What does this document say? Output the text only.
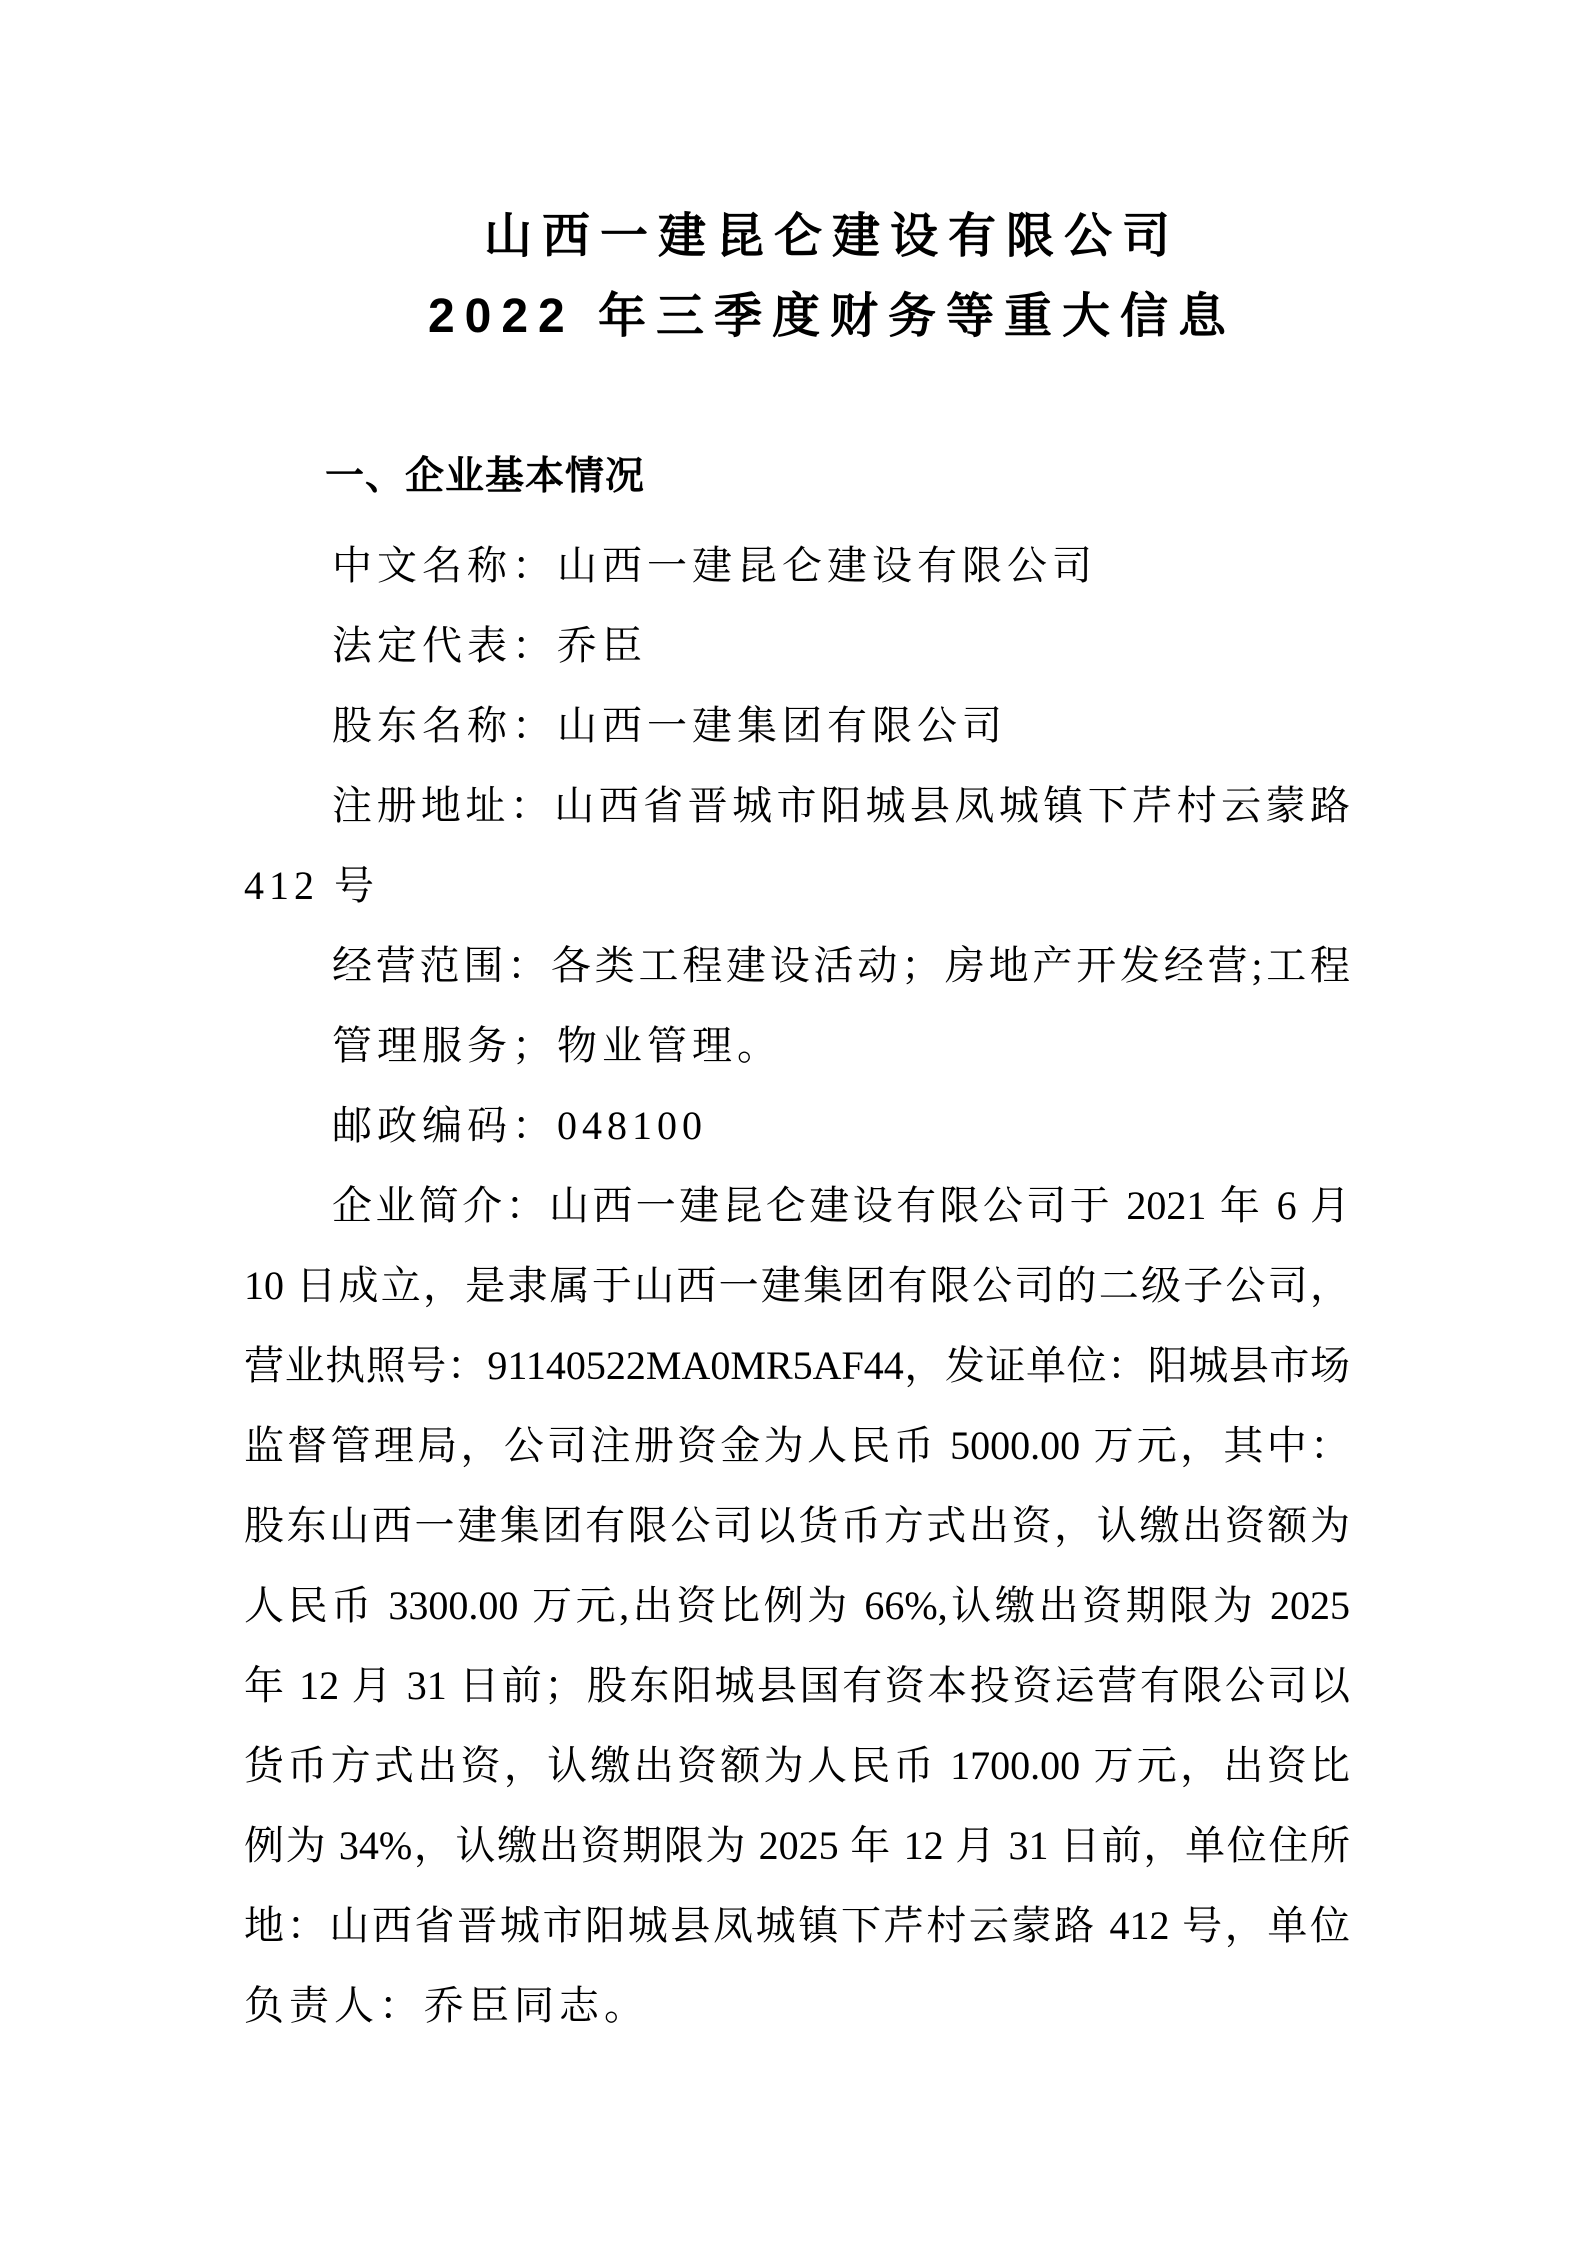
山西一建昆仑建设有限公司
2022 年三季度财务等重大信息
一、企业基本情况
中文名称：山西一建昆仑建设有限公司
法定代表：乔臣
股东名称：山西一建集团有限公司
注册地址：山西省晋城市阳城县凤城镇下芹村云蒙路
412 号
经营范围：各类工程建设活动；房地产开发经营;工程
管理服务；物业管理。
邮政编码：048100
企业简介：山西一建昆仑建设有限公司于 2021 年 6 月
10 日成立，是隶属于山西一建集团有限公司的二级子公司，
营业执照号：91140522MA0MR5AF44，发证单位：阳城县市场
监督管理局，公司注册资金为人民币 5000.00 万元，其中：
股东山西一建集团有限公司以货币方式出资，认缴出资额为
人民币 3300.00 万元,出资比例为 66%,认缴出资期限为 2025
年 12 月 31 日前；股东阳城县国有资本投资运营有限公司以
货币方式出资，认缴出资额为人民币 1700.00 万元，出资比
例为 34%，认缴出资期限为 2025 年 12 月 31 日前，单位住所
地：山西省晋城市阳城县凤城镇下芹村云蒙路 412 号，单位
负责人：乔臣同志。
